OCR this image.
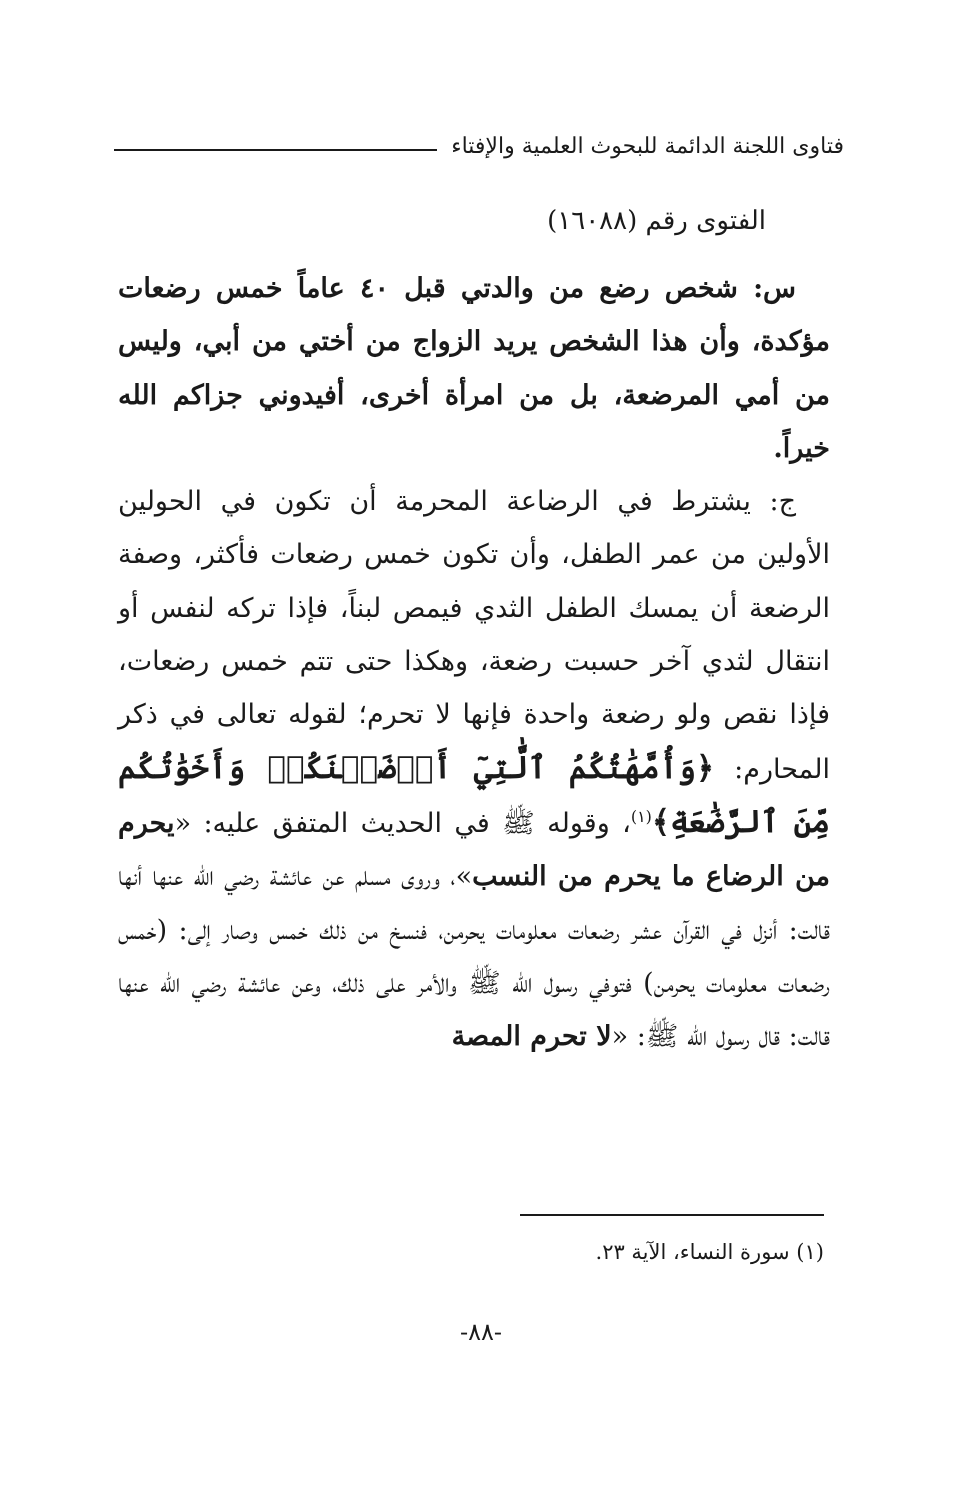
فتاوى اللجنة الدائمة للبحوث العلمية والإفتاء
الفتوى رقم (١٦٠٨٨)

س: شخص رضع من والدتي قبل ٤٠ عاماً خمس رضعات مؤكدة، وأن هذا الشخص يريد الزواج من أختي من أبي، وليس من أمي المرضعة، بل من امرأة أخرى، أفيدوني جزاكم الله خيراً.

ج: يشترط في الرضاعة المحرمة أن تكون في الحولين الأولين من عمر الطفل، وأن تكون خمس رضعات فأكثر، وصفة الرضعة أن يمسك الطفل الثدي فيمص لبناً، فإذا تركه لنفس أو انتقال لثدي آخر حسبت رضعة، وهكذا حتى تتم خمس رضعات، فإذا نقص ولو رضعة واحدة فإنها لا تحرم؛ لقوله تعالى في ذكر المحارم: ﴿وَأُمَّهَٰتُكُمُ ٱلَّٰتِيٓ أَرۡضَعۡنَكُمۡ وَأَخَوَٰتُكُم مِّنَ ٱلرَّضَٰعَةِ﴾$^{(١)}$، وقوله ﷺ في الحديث المتفق عليه: «يحرم من الرضاع ما يحرم من النسب»، وروى مسلم عن عائشة رضي الله عنها أنها قالت: أنزل في القرآن عشر رضعات معلومات يحرمن، فنسخ من ذلك خمس وصار إلى: (خمس رضعات معلومات يحرمن) فتوفي رسول الله ﷺ والأمر على ذلك، وعن عائشة رضي الله عنها قالت: قال رسول الله ﷺ: «لا تحرم المصة

(١) سورة النساء، الآية ٢٣.
-٨٨-
